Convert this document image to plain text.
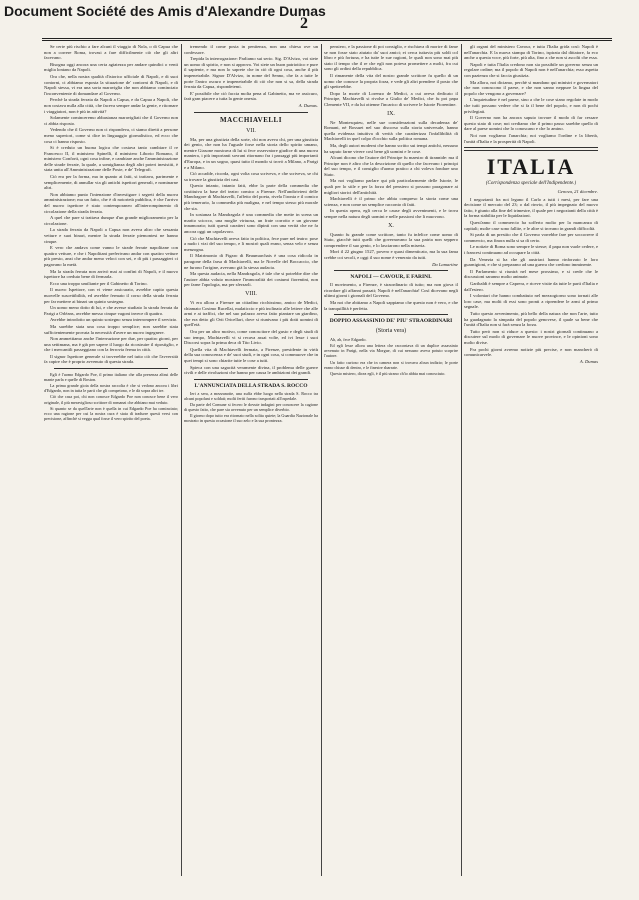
Document Société des Amis d'Alexandre Dumas
2

Se certe più rischio a fare alcuni il viaggio di Nola, o di Capua che non a correre Roma, trovasi a fare difficilmente ciò che gli altri facevano.

Bisogna oggi ancora una certa agiatezza per andare quindici o venti miglia lontano da Napoli.

Ora che, nella nostra qualità d'istorico ufficiale di Napoli, e di suoi contorni, ci abbiamo esposta la situazione de' contorni di Napoli, e di Napoli stessa, vi era una sorta maraviglia che non abbiamo cominciato l'inconveniente di domandare al Governo.

Perchè la strada ferrata da Napoli a Capua, e da Capua a Napoli, che non costava nulla alla città, che faceva sempre andar la gente, e ritornare i viaggiatori, non è più in attività?

Solamente cominceremo abbastanza maravigliati che il Governo non ci abbia risposto.

Vedendo che il Governo non ci rispondeva, ci siamo diretti a persone meno superiori, come si dice in linguaggio giornalistico, ed ecco che cosa ci hanno risposto.

Si è creduto un buona logica che costava tanto cambiare il re Francesco II, il ministero Spinelli, il ministero Liborio Romano, il ministero Conforti, ogni cosa infine, e cambiare anche l'amministrazione delle strade ferrate, la quale, a somiglianza degli altri poteri inesistiti, è stata unita all'Amministrazione delle Poste, e de' Telegrafi.

Ciò era per la forma, ma in quanto ai fatti, si trattava, parimente e semplicemente, di annullar via gli antichi ispettori generali, e nominarne altri.

Non abbiamo punto l'intenzione d'investigare i segreti della nuova amministrazione; ma un fatto, che è di notorietà pubblica, è che l'arrivo del nuovo ispettore è stato contemporaneo all'interrompimento di circolazione della strada ferrata.

A quel che pare si trattava dunque d'un grande miglioramento per la circolazione.

La strada ferrata da Napoli a Capua non aveva altro che sessanta vetture e suoi binari, mentre la strada ferrate piemontesi ne hanno cinque.

E vero che andava come vanno le strade ferrate napolitane con quattro vetture, e che i Napolitani preferivano andar con quattro vetture più presto, anzi che andar meno veloci con sei, e di più i passaggieri ci pagavano la metà.

Ma la strada ferrata non arrivò mai ai confini di Napoli, e il nuovo ispettore ha creduto bene di fermarla.

Ecco una troppo umiliante per il Gabinetto di Torino.

Il nuovo Ispettore, con vi viene assicurato, avrebbe capito questa nuovelle suscettibilità, ed avrebbe fermato il corso della strada ferrata per far mettere ai binari un quinto sostegno.

Un uomo meno dotto di lui, e che avesse studiato la strada ferrata da Parigi a Orléans, avrebbe messo cinque vagoni invece di quattro.

Avrebbe introdotto un quinto sostegno senza interrompere il servizio.

Ma sarebbe stata una cosa troppo semplice; non sarebbe stata sufficientemente provata la necessità d'avere un nuovo ingegnere.

Non ammettiamo anche l'interruzione per due, per quattro giorni, per una settimana, ma è già per sapere il luogo da ricostruire il ripostiglio, e che i mercantili passeggiano con la ferrovia ferma in città.

Il signor Ispettore generale si troverebbe nel tutto ciò che l'avversità fa capire che è proprio avvenuto di questa strada.

Egli è l'uomo Edgardo Poe, il primo italiano che alla presenza altrui delle manie parla e quelle di Boston.

La prima grande gioia della nostra raccolta è che si vedono ancora i libri d'Edgardo, non in tutta le parti che gli competono, e le dà sopra altri tre.

Ciò che casa poi, chi non conosce Edgardo Poe non conosce bene il vero originale, il più meraviglioso scrittore di romanzi che abbiano mai veduto.

Si quanto se da quell'arte non è quella in cui Edgardo Poe ha cominciato; ecco una ragione per cui la nostra cura è stata di tradurre questi versi con precisione, affinchè si vegga qual fosse il vero spirito del poeta.

tremendo il come posta in penitenza, non una chiesa ove un confessore.

Trepida la interrogazione: Parliamo sui serio. Sig. D'Alvizo, voi siete un uomo di spirito, e non si approva. Voi siete un buon patriottico e pure il sapiente, e ma non lo saprete che in ciò di ogni cosa, anche il più impenetrabile. Signor D'Alvizo, in nome del Senno, che fa a tutte le porte l'antro oscuro e impenetrabile di ciò che non si sa, della strada ferrata da Capua, rispondetemi.

E' possibile che ciò faccia molta pena al Gabinetto, ma ve assicuro, farà gran piacere a tutta la gente onesta.

A. Dumas.
MACCHIAVELLI
VII.

Ma, per una giustizia della sorte, chi non aveva chi, per una giustizia dei genio, che non ha l'uguale forse nella storia dello spirito umano, mentre Giasone mostrava di lui si fece osservatore giudice di una nuova maniera, i più importanti sovrani ritornano fra i passaggi più importanti d'Europa, e in un sogno, quasi tutto il mondo si trovò a Milano, a Parigi e a Milano.

Ciò accadde, ricorda, ogni volta cosa scriveva, e che scriveva, se chi sa trovare la giustizia dei casi.

Questo intanto, intanto fatti, ebbe la parte della commedia che costituiva la base del teatro comico a Firenze. Nell'andirivieni delle Mandragore di Machiavelli, l'affetto del poeta, rivela l'ironia e il comico più temerario, la commedia più maligna, e nel tempo stesso più morale che sia.

In sostanza la Mandragola è una commedia che mette in scena un marito sciocco, una moglie virtuosa, un frate corrotto e un giovane innamorato; tutti questi caratteri sono dipinti con una verità che ne fa ancora oggi un capolavoro.

Ciò che Machiavelli aveva fatto in politica, fece pure nel teatro: pose a nudo i vizi del suo tempo, e li mostrò quali erano, senza velo e senza menzogna.

Il Matrimonio di Figaro di Beaumarchais è una cosa ridicola in paragone della farsa di Machiavelli, ma le Novelle del Boccaccio, che ne furono l'origine, avevano già la stessa audacia.

Ma questa audacia, nella Mandragola, è tale che si potrebbe dire che l'autore abbia voluto mostrare l'immoralità dei costumi fiorentini, non per farne l'apologia, ma per sferzarli.

VIII.

Vi era allora a Firenze un cittadino ricchissimo, amico de Medici, chiamato Cosimo Rucellai, malaticcio e più inclinato alle lettere che alle armi e ai traffici, che nel suo palazzo aveva fatto piantare un giardino, che era detto gli Orti Oricellari, dove si riunivano i più dotti uomini di quell'età.

Ora per un altro motivo, come conoscitore del gusto e degli studi di suo tempo, Machiavelli vi si recava assai volte, ed ivi lesse i suoi Discorsi sopra la prima deca di Tito Livio.

Quella vita di Machiavelli fermata, a Firenze, presidente in virtù della sua conoscenza e de' suoi studi, e in ogni cosa, si commuove che in quei tempi si sono chiarite tutte le cose a tutti.

Spieca con una sagacità veramente divina, il problema delle guerre civili e delle rivoluzioni che hanno per causa le ambizioni dei grandi.

L'ANNUNCIATA DELLA STRADA S. ROCCO

Ieri a sera, a mezzanotte, una zuffa ebbe luogo nella strada S. Rocco tra alcuni popolani e soldati; molti feriti furono trasportati all'ospedale.

Da parte del Comune si fecero le dovute indagini per conoscere la cagione di questo fatto, che pare sia avvenuto per un semplice diverbio.

Il giorno dopo tutto era ritornato nella solita quiete; la Guardia Nazionale ha mostrato in questa occasione il suo zelo e la sua prontezza.

pensiero, e la passione di poi consiglio, e rischiava di morire di fame se non fosse stato aiutato da' suoi amici; ei cerca tuttavia più soldi col libro e più fortuna, e ha tutte le sue ragioni, le quali non sono mai più stato il tempo che il re che egli non poteva promettere a molti, fra cui sono gli ordini della repubblica.

Il rimanente della vita del nostro grande scrittore fu quello di un uomo che conosce la propria forza, e vede gli altri prendere il posto che gli spetterebbe.

Dopo la morte di Lorenzo de Medici, a cui aveva dedicato il Principe, Machiavelli si rivolse a Giulio de' Medici, che fu poi papa Clemente VII, e da lui ottenne l'incarico di scrivere le Istorie Fiorentine.

IX.

Ne Montesquieu, nelle sue considerazioni sulla decadenza de' Romani, nè Bossuet nel suo discorso sulla storia universale, hanno quella evidenza intuitiva di verità che caratterizza l'infallibilità di Machiavelli in quel colpo d'occhio sulla politica romana.

Ma, degli autori moderni che hanno scritto sui tempi antichi, nessuno ha saputo farne vivere così bene gli uomini e le cose.

Alcuni dicono che l'autore del Principe fu maestro di tirannide: ma il Principe non è altro che la descrizione di quello che facevano i principi del suo tempo, e il consiglio d'uomo pratico a chi voleva fondare uno Stato.

Ma noi vogliamo parlare qui più particolarmente delle Istorie, le quali per lo stile e per la forza del pensiero si possono paragonare ai migliori storici dell'antichità.

Machiavelli è il primo che abbia compreso la storia come una scienza, e non come un semplice racconto di fatti.

In questa opera, egli cerca le cause degli avvenimenti, e le trova sempre nella natura degli uomini e nelle passioni che li muovono.

X.

Quanto fu grande come scrittore, tanto fu infelice come uomo di Stato, giacchè tutti quelli che governavano la sua patria non seppero comprendere il suo genio, e lo lasciarono nella miseria.

Morì il 22 giugno 1527, povero e quasi dimenticato, ma la sua fama crebbe coi secoli, e oggi il suo nome è venerato da tutti.

Da Lamartine
NAPOLI — CAVOUR, E FARINI.

Il movimento, a Firenze, è straordinario di tutto; ma non giova il ricordare gli affanni passati; Napoli è nell'anarchia! Così dicevano negli ultimi giorni i giornali del Governo.

Ma noi che abitiamo a Napoli sappiamo che questo non è vero, e che la tranquillità è perfetta.

DOPPIO ASSASSINIO DE' PIU' STRAORDINARI
(Storia vera)

Ah, ah, fece Edgardo.

Ed egli lesse allora una lettera che raccontava di un duplice assassinio avvenuto in Parigi, nella via Morgue, di cui nessuno aveva potuto scoprire l'autore.

Un fatto curioso era che in camera non si trovava alcun indizio; le porte erano chiuse di dentro, e le finestre sbarrate.

Questo mistero, dicea egli, è il più strano ch'io abbia mai conosciuto.

gli organi del ministero Cavour, e tutta l'Italia grida così: Napoli è nell'anarchia. E la nuova stampa di Torino, ispirata dal dittatore, fa eco anche a questa voce, più forte, più alta, fino a che non si ascolti che essa.

Napoli e tutta l'Italia credono non sia possibile un governo senza un regolare ordine; ma il popolo di Napoli non è nell'anarchia; esso aspetta con pazienza che si faccia giustizia.

Ma allora, noi diciamo, perchè si mandano qui ministri e governatori che non conoscono il paese, e che non sanno neppure la lingua del popolo che vengono a governare?

L'inquietudine è nel paese, sino a che le cose siano regolate in modo che tutti possano vedere che si fa il bene del popolo, e non di pochi privilegiati.

Il Governo non ha ancora saputo trovare il modo di far cessare questo stato di cose; noi crediamo che il primo passo sarebbe quello di dare al paese uomini che lo conoscano e che lo amino.

Noi non vogliamo l'anarchia; noi vogliamo l'ordine e la libertà, l'unità d'Italia e la prosperità di Napoli.

ITALIA
(Corrispondenza speciale dell'Indipendente.)
Genova, 21 dicembre.

I negozianti fra noi legano il Carlo a tutti i mesi, per fare una decisione il mercato del 23; o dal rinvio, il più impegnato del nuovo fatto, è giunto alla fine del trimestre, il quale per i negozianti della città è la forma stabilita per le liquidazioni.

Quest'anno il commercio ha sofferto molto per la mancanza di capitali; molte case sono fallite, e le altre si trovano in grandi difficoltà.

Si parla di un prestito che il Governo vorrebbe fare per soccorrere il commercio, ma finora nulla si sa di certo.

Le notizie di Roma sono sempre le stesse; il papa non vuole cedere, e i francesi continuano ad occupare la città.

Da Venezia si ha che gli austriaci hanno rinforzato le loro guarnigioni, e che si preparano ad una guerra che credono imminente.

Il Parlamento si riunirà nel mese prossimo, e si crede che le discussioni saranno molto animate.

Garibaldi è sempre a Caprera, e riceve visite da tutte le parti d'Italia e dall'estero.

I volontari che hanno combattuto nel mezzogiorno sono tornati alle loro case, ma molti di essi sono pronti a riprendere le armi al primo segnale.

Tutto questo avvenimento, più bello della natura che non l'arte, tutto ha guadagnato la simpatia del popolo genovese, il quale sa bene che l'unità d'Italia non si farà senza la forza.

Tutto però non si riduce a questo: i nostri giornali continuano a discutere sul modo di governare le nuove province, e le opinioni sono molto divise.

Fra pochi giorni avremo notizie più precise, e non mancherò di comunicarvele.

A. Dumas
